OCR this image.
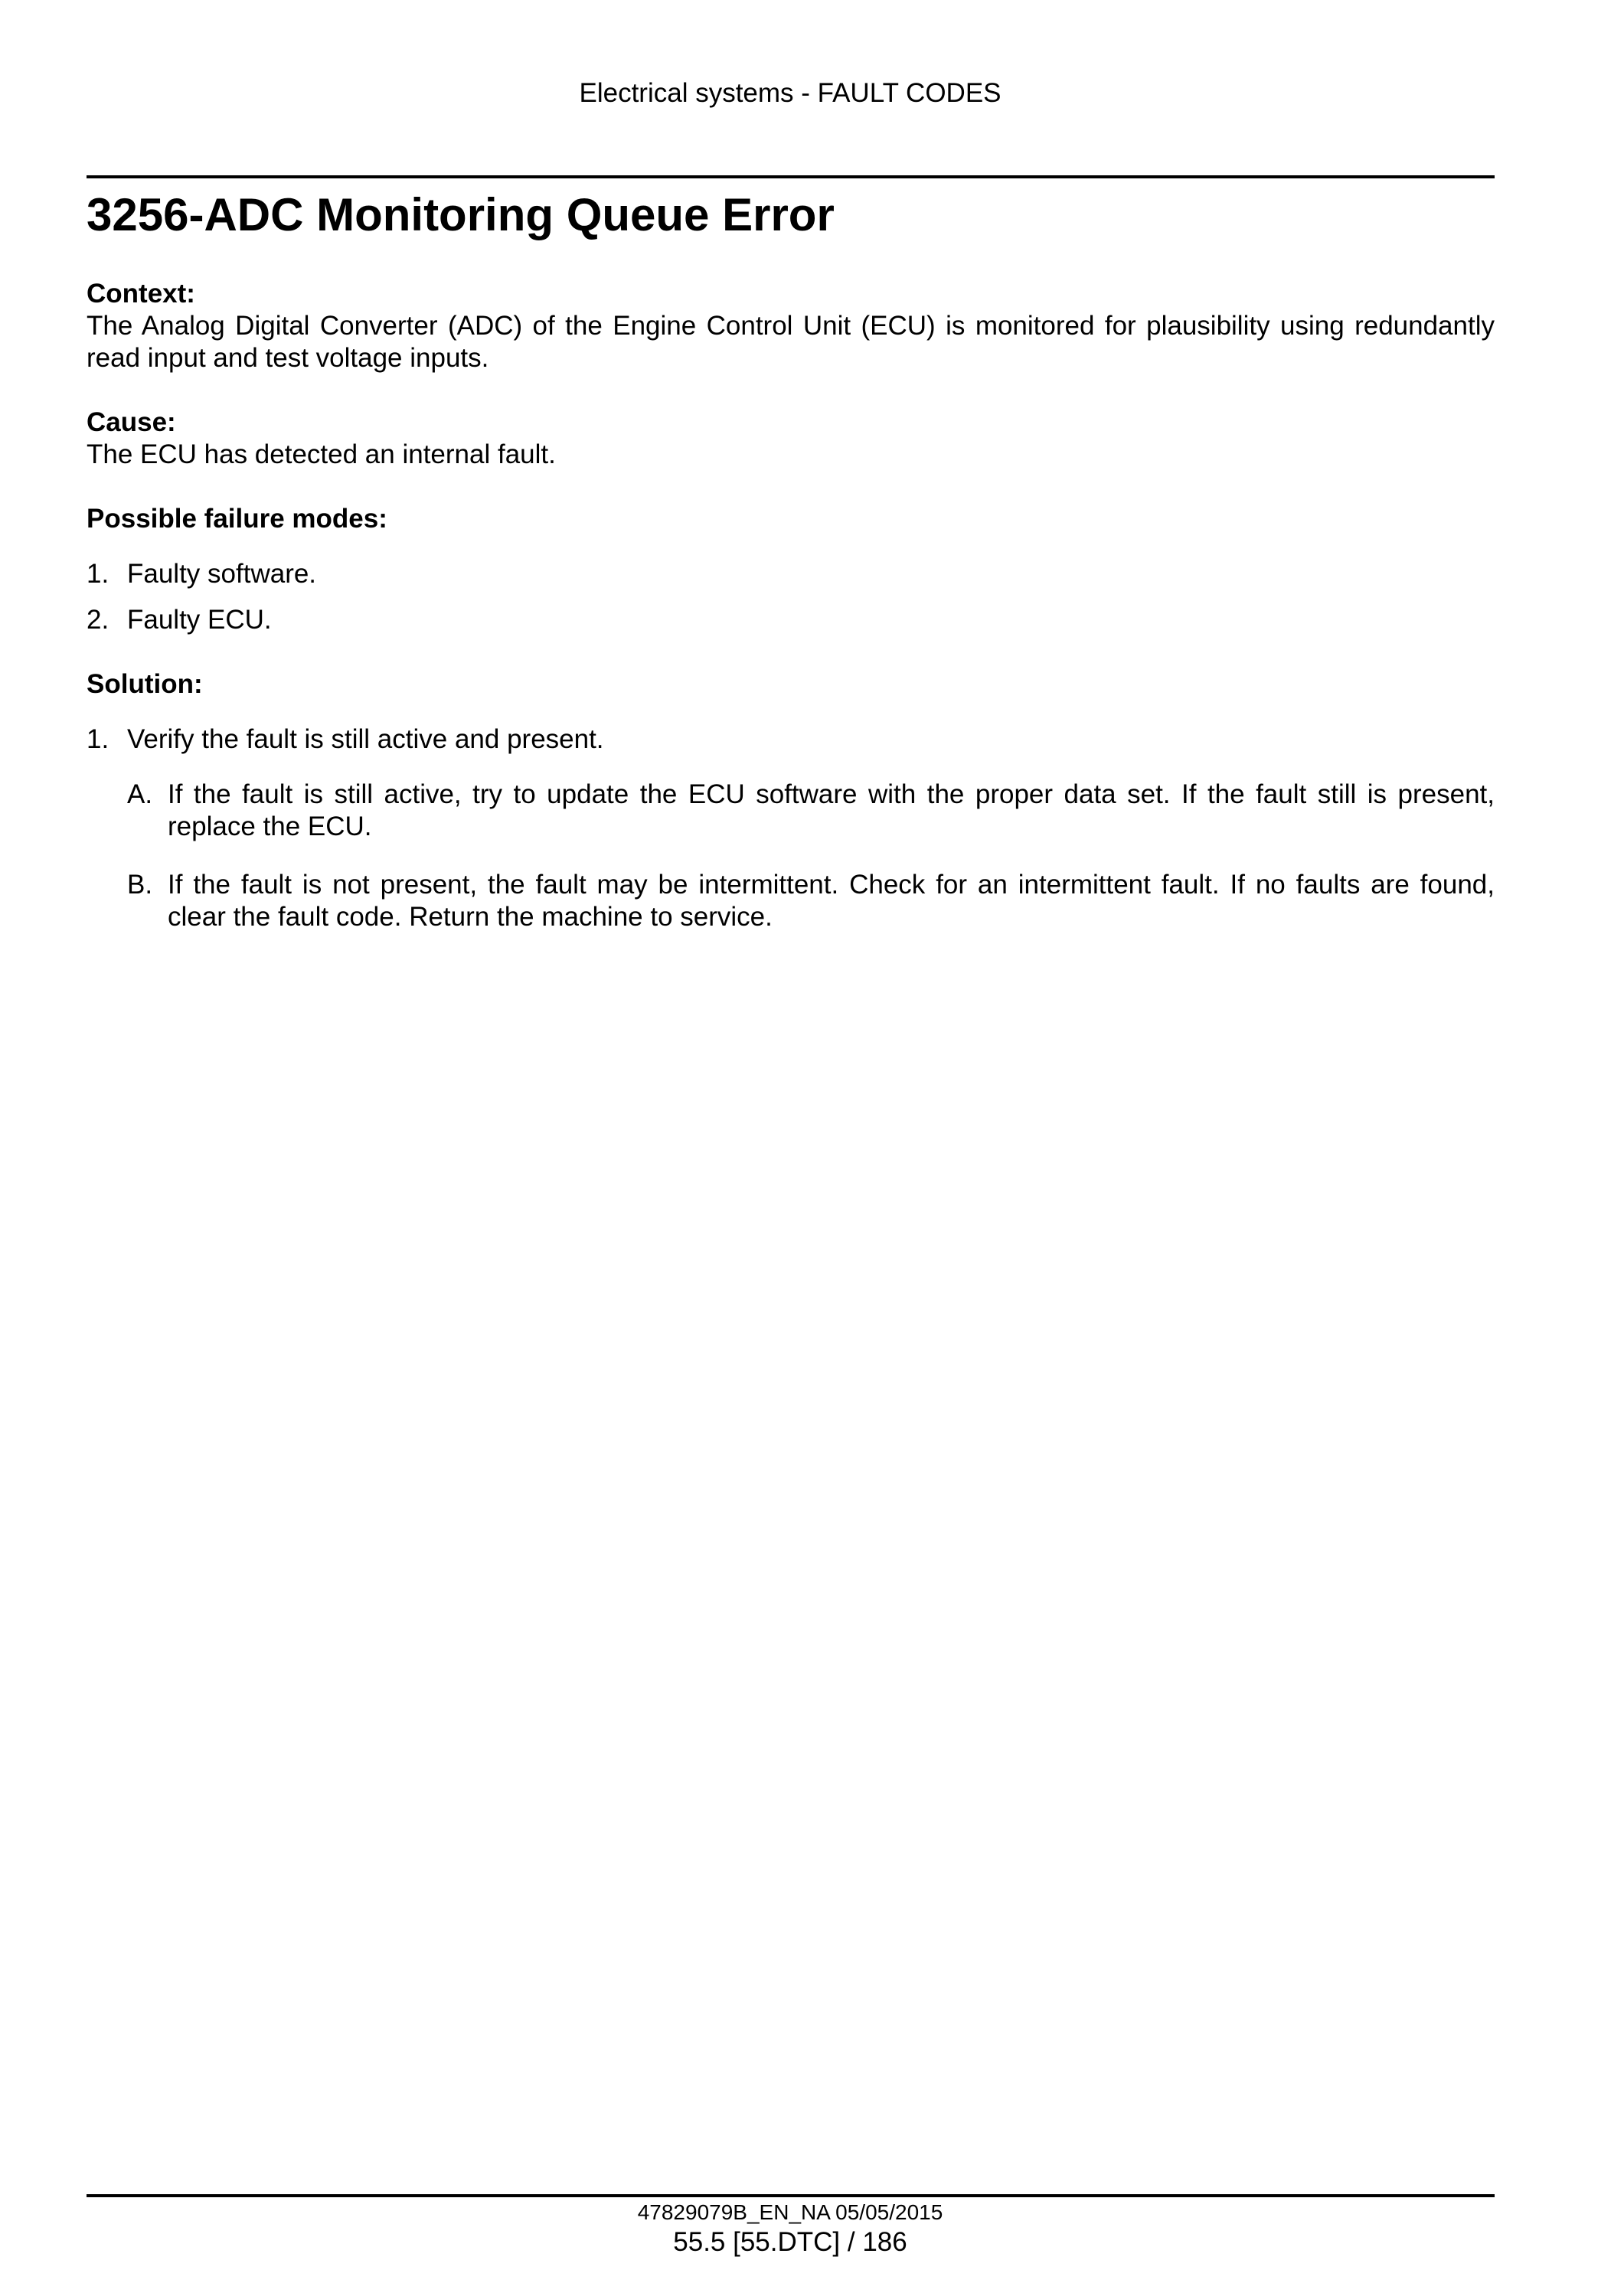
Electrical systems - FAULT CODES
3256-ADC Monitoring Queue Error
Context:
The Analog Digital Converter (ADC) of the Engine Control Unit (ECU) is monitored for plausibility using redundantly read input and test voltage inputs.
Cause:
The ECU has detected an internal fault.
Possible failure modes:
1. Faulty software.
2. Faulty ECU.
Solution:
1. Verify the fault is still active and present.
A. If the fault is still active, try to update the ECU software with the proper data set. If the fault still is present, replace the ECU.
B. If the fault is not present, the fault may be intermittent. Check for an intermittent fault. If no faults are found, clear the fault code. Return the machine to service.
47829079B_EN_NA 05/05/2015
55.5 [55.DTC] / 186
